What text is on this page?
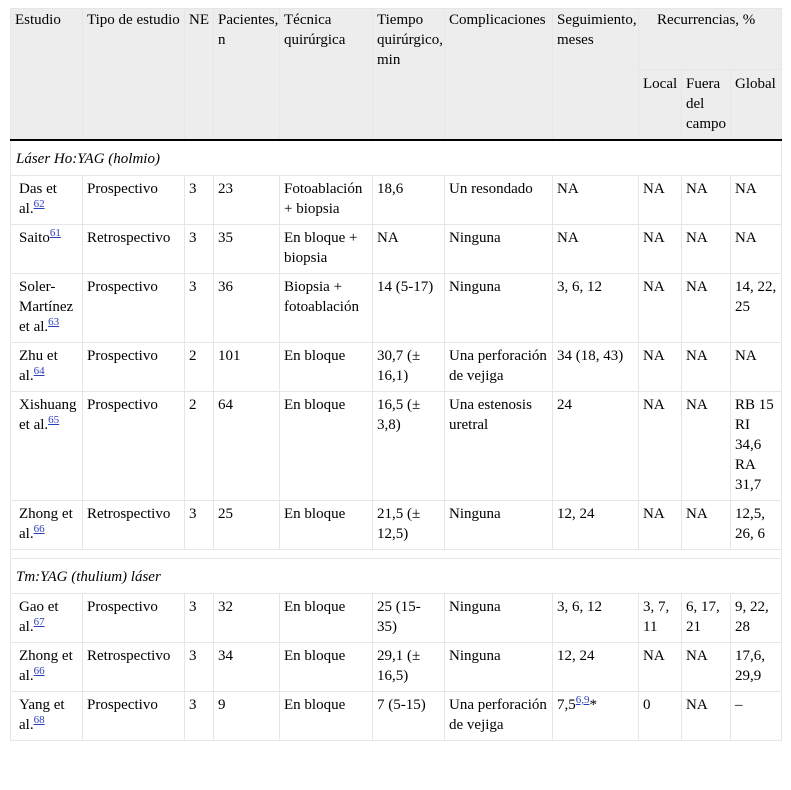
Estudio	Tipo de estudio	NE	Pacientes, n	Técnica quirúrgica	Tiempo quirúrgico, min	Complicaciones	Seguimiento, meses	Recurrencias, %		
								Local	Fuera del campo	Global
Láser Ho:YAG (holmio)										
Das et al.$^{62}$	Prospectivo	3	23	Fotoablación + biopsia	18,6	Un resondado	NA	NA	NA	NA
Saito$^{61}$	Retrospectivo	3	35	En bloque + biopsia	NA	Ninguna	NA	NA	NA	NA
Soler-Martínez et al.$^{63}$	Prospectivo	3	36	Biopsia + fotoablación	14 (5-17)	Ninguna	3, 6, 12	NA	NA	14, 22, 25
Zhu et al.$^{64}$	Prospectivo	2	101	En bloque	30,7 (± 16,1)	Una perforación de vejiga	34 (18, 43)	NA	NA	NA
Xishuang et al.$^{65}$	Prospectivo	2	64	En bloque	16,5 (± 3,8)	Una estenosis uretral	24	NA	NA	RB 15 RI 34,6 RA 31,7
Zhong et al.$^{66}$	Retrospectivo	3	25	En bloque	21,5 (± 12,5)	Ninguna	12, 24	NA	NA	12,5, 26, 6

Tm:YAG (thulium) láser										
Gao et al.$^{67}$	Prospectivo	3	32	En bloque	25 (15-35)	Ninguna	3, 6, 12	3, 7, 11	6, 17, 21	9, 22, 28
Zhong et al.$^{66}$	Retrospectivo	3	34	En bloque	29,1 (± 16,5)	Ninguna	12, 24	NA	NA	17,6, 29,9
Yang et al.$^{68}$	Prospectivo	3	9	En bloque	7 (5-15)	Una perforación de vejiga	7,5$^{6,9}$*	0	NA	–
